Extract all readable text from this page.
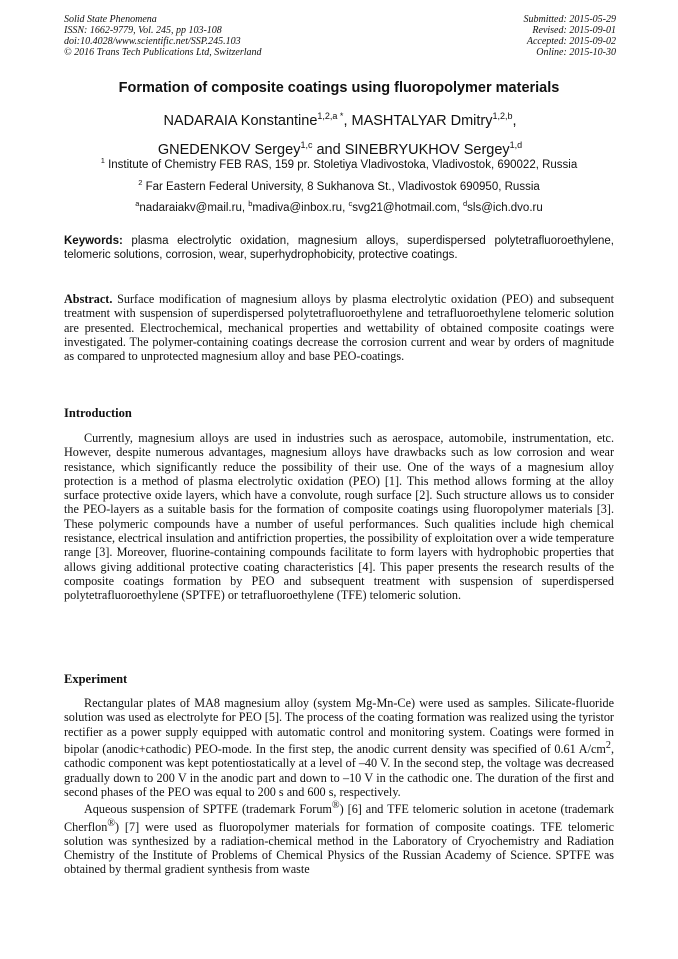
Solid State Phenomena
ISSN: 1662-9779, Vol. 245, pp 103-108
doi:10.4028/www.scientific.net/SSP.245.103
© 2016 Trans Tech Publications Ltd, Switzerland
Submitted: 2015-05-29
Revised: 2015-09-01
Accepted: 2015-09-02
Online: 2015-10-30
Formation of composite coatings using fluoropolymer materials
NADARAIA Konstantine$^{1,2,a *}$, MASHTALYAR Dmitry$^{1,2,b}$,
GNEDENKOV Sergey$^{1,c}$ and SINEBRYUKHOV Sergey$^{1,d}$
$^1$ Institute of Chemistry FEB RAS, 159 pr. Stoletiya Vladivostoka, Vladivostok, 690022, Russia
$^2$ Far Eastern Federal University, 8 Sukhanova St., Vladivostok 690950, Russia
$^a$nadaraiakv@mail.ru, $^b$madiva@inbox.ru, $^c$svg21@hotmail.com, $^d$sls@ich.dvo.ru
Keywords: plasma electrolytic oxidation, magnesium alloys, superdispersed polytetrafluoroethylene, telomeric solutions, corrosion, wear, superhydrophobicity, protective coatings.

Abstract. Surface modification of magnesium alloys by plasma electrolytic oxidation (PEO) and subsequent treatment with suspension of superdispersed polytetrafluoroethylene and tetrafluoroethylene telomeric solution are presented. Electrochemical, mechanical properties and wettability of obtained composite coatings were investigated. The polymer-containing coatings decrease the corrosion current and wear by orders of magnitude as compared to unprotected magnesium alloy and base PEO-coatings.

Introduction

Currently, magnesium alloys are used in industries such as aerospace, automobile, instrumentation, etc. However, despite numerous advantages, magnesium alloys have drawbacks such as low corrosion and wear resistance, which significantly reduce the possibility of their use. One of the ways of a magnesium alloy protection is a method of plasma electrolytic oxidation (PEO) [1]. This method allows forming at the alloy surface protective oxide layers, which have a convolute, rough surface [2]. Such structure allows us to consider the PEO-layers as a suitable basis for the formation of composite coatings using fluoropolymer materials [3]. These polymeric compounds have a number of useful performances. Such qualities include high chemical resistance, electrical insulation and antifriction properties, the possibility of exploitation over a wide temperature range [3]. Moreover, fluorine-containing compounds facilitate to form layers with hydrophobic properties that allows giving additional protective coating characteristics [4]. This paper presents the research results of the composite coatings formation by PEO and subsequent treatment with suspension of superdispersed polytetrafluoroethylene (SPTFE) or tetrafluoroethylene (TFE) telomeric solution.

Experiment

Rectangular plates of MA8 magnesium alloy (system Mg-Mn-Ce) were used as samples. Silicate-fluoride solution was used as electrolyte for PEO [5]. The process of the coating formation was realized using the tyristor rectifier as a power supply equipped with automatic control and monitoring system. Coatings were formed in bipolar (anodic+cathodic) PEO-mode. In the first step, the anodic current density was specified of 0.61 $A/cm^2$, cathodic component was kept potentiostatically at a level of –40 V. In the second step, the voltage was decreased gradually down to 200 V in the anodic part and down to –10 V in the cathodic one. The duration of the first and second phases of the PEO was equal to 200 s and 600 s, respectively.

Aqueous suspension of SPTFE (trademark Forum®) [6] and TFE telomeric solution in acetone (trademark Cherflon®) [7] were used as fluoropolymer materials for formation of composite coatings. TFE telomeric solution was synthesized by a radiation-chemical method in the Laboratory of Cryochemistry and Radiation Chemistry of the Institute of Problems of Chemical Physics of the Russian Academy of Science. SPTFE was obtained by thermal gradient synthesis from waste
